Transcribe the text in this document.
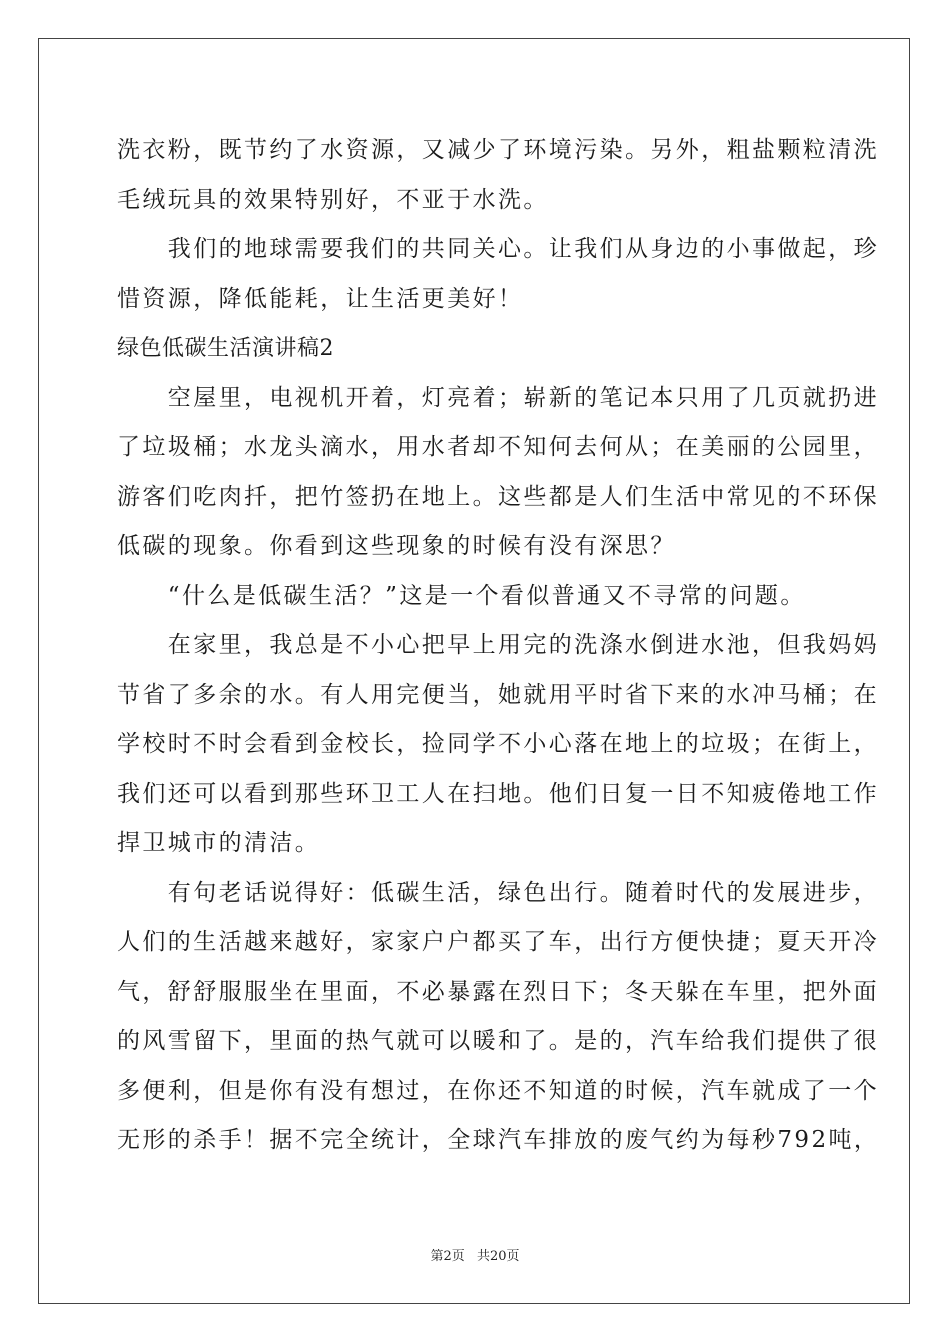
洗衣粉，既节约了水资源，又减少了环境污染。另外，粗盐颗粒清洗
毛绒玩具的效果特别好，不亚于水洗。
　　我们的地球需要我们的共同关心。让我们从身边的小事做起，珍
惜资源，降低能耗，让生活更美好！
绿色低碳生活演讲稿2
　　空屋里，电视机开着，灯亮着；崭新的笔记本只用了几页就扔进
了垃圾桶；水龙头滴水，用水者却不知何去何从；在美丽的公园里，
游客们吃肉扦，把竹签扔在地上。这些都是人们生活中常见的不环保
低碳的现象。你看到这些现象的时候有没有深思？
　　“什么是低碳生活？”这是一个看似普通又不寻常的问题。
　　在家里，我总是不小心把早上用完的洗涤水倒进水池，但我妈妈
节省了多余的水。有人用完便当，她就用平时省下来的水冲马桶；在
学校时不时会看到金校长，捡同学不小心落在地上的垃圾；在街上，
我们还可以看到那些环卫工人在扫地。他们日复一日不知疲倦地工作
捍卫城市的清洁。
　　有句老话说得好：低碳生活，绿色出行。随着时代的发展进步，
人们的生活越来越好，家家户户都买了车，出行方便快捷；夏天开冷
气，舒舒服服坐在里面，不必暴露在烈日下；冬天躲在车里，把外面
的风雪留下，里面的热气就可以暖和了。是的，汽车给我们提供了很
多便利，但是你有没有想过，在你还不知道的时候，汽车就成了一个
无形的杀手！据不完全统计，全球汽车排放的废气约为每秒792吨，
第2页 共20页
